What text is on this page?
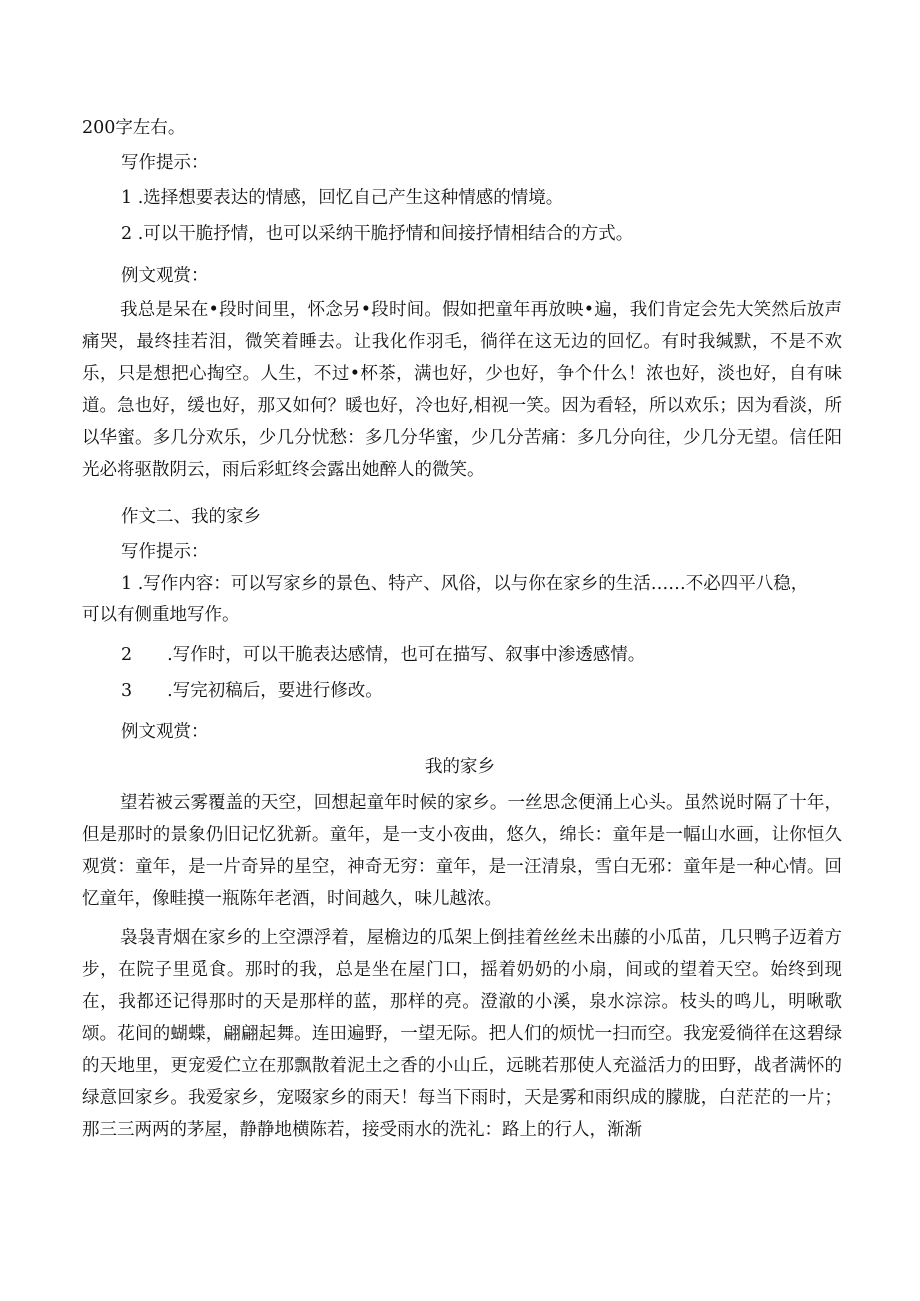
200字左右。
写作提示：
1 .选择想要表达的情感，回忆自己产生这种情感的情境。
2 .可以干脆抒情，也可以采纳干脆抒情和间接抒情相结合的方式。
例文观赏：
我总是呆在•段时间里，怀念另•段时间。假如把童年再放映•遍，我们肯定会先大笑然后放声痛哭，最终挂若泪，微笑着睡去。让我化作羽毛，徜徉在这无边的回忆。有时我缄默，不是不欢乐，只是想把心掏空。人生，不过•杯茶，满也好，少也好，争个什么！浓也好，淡也好，自有味道。急也好，缓也好，那又如何？暖也好，冷也好,相视一笑。因为看轻，所以欢乐；因为看淡，所以华蜜。多几分欢乐，少几分忧愁：多几分华蜜，少几分苦痛：多几分向往，少几分无望。信任阳光必将驱散阴云，雨后彩虹终会露出她醉人的微笑。
作文二、我的家乡
写作提示：
1 .写作内容：可以写家乡的景色、特产、风俗，以与你在家乡的生活……不必四平八稳，
可以有侧重地写作。
2　　.写作时，可以干脆表达感情，也可在描写、叙事中渗透感情。
3　　.写完初稿后，要进行修改。
例文观赏：
我的家乡
望若被云雾覆盖的天空，回想起童年时候的家乡。一丝思念便涌上心头。虽然说时隔了十年，但是那时的景象仍旧记忆犹新。童年，是一支小夜曲，悠久，绵长：童年是一幅山水画，让你恒久观赏：童年，是一片奇异的星空，神奇无穷：童年，是一汪清泉，雪白无邪：童年是一种心情。回忆童年，像畦摸一瓶陈年老酒，时间越久，味儿越浓。
袅袅青烟在家乡的上空漂浮着，屋檐边的瓜架上倒挂着丝丝未出藤的小瓜苗，几只鸭子迈着方步，在院子里觅食。那时的我，总是坐在屋门口，摇着奶奶的小扇，间或的望着天空。始终到现在，我都还记得那时的天是那样的蓝，那样的亮。澄澈的小溪，泉水淙淙。枝头的鸣儿，明啾歌颂。花间的蝴蝶，翩翩起舞。连田遍野，一望无际。把人们的烦忧一扫而空。我宠爱徜徉在这碧绿的天地里，更宠爱伫立在那飘散着泥土之香的小山丘，远眺若那使人充溢活力的田野，战者满怀的绿意回家乡。我爱家乡，宠啜家乡的雨天！每当下雨时，天是雾和雨织成的朦胧，白茫茫的一片；那三三两两的茅屋，静静地横陈若，接受雨水的洗礼：路上的行人，渐渐
